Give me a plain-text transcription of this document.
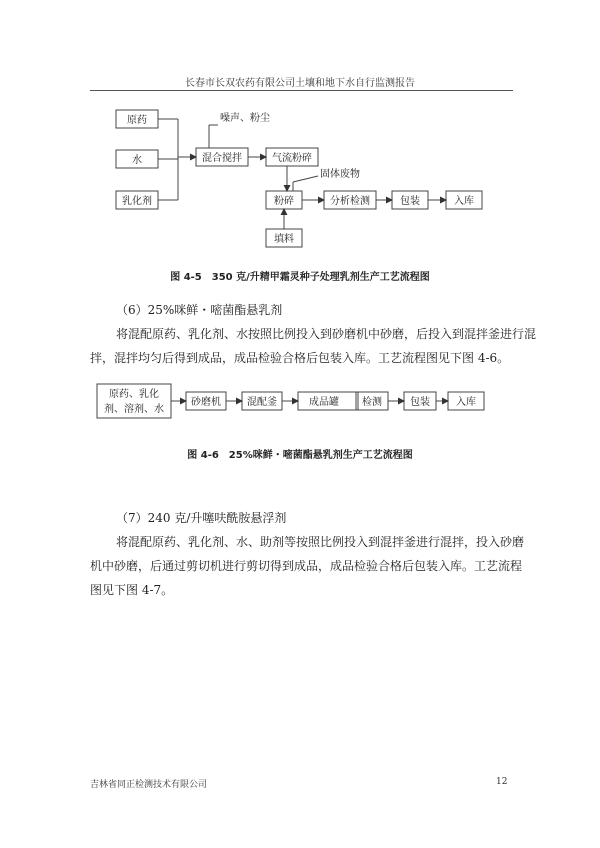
长春市长双农药有限公司土壤和地下水自行监测报告
原药
水
乳化剂
混合搅拌	气流粉碎
粉碎	分析检测	包装	入库
填料
噪声、粉尘
固体废物
图 4-5　350 克/升精甲霜灵种子处理乳剂生产工艺流程图
（6）25%咪鲜・嘧菌酯悬乳剂
将混配原药、乳化剂、水按照比例投入到砂磨机中砂磨，后投入到混拌釜进行混
拌，混拌均匀后得到成品，成品检验合格后包装入库。工艺流程图见下图 4-6。
原药、乳化
剂、溶剂、水
砂磨机	混配釜	成品罐 检测	包装	入库
图 4-6　25%咪鲜・嘧菌酯悬乳剂生产工艺流程图
（7）240 克/升噻呋酰胺悬浮剂
将混配原药、乳化剂、水、助剂等按照比例投入到混拌釜进行混拌，投入砂磨
机中砂磨，后通过剪切机进行剪切得到成品，成品检验合格后包装入库。工艺流程
图见下图 4-7。
吉林省同正检测技术有限公司	12
